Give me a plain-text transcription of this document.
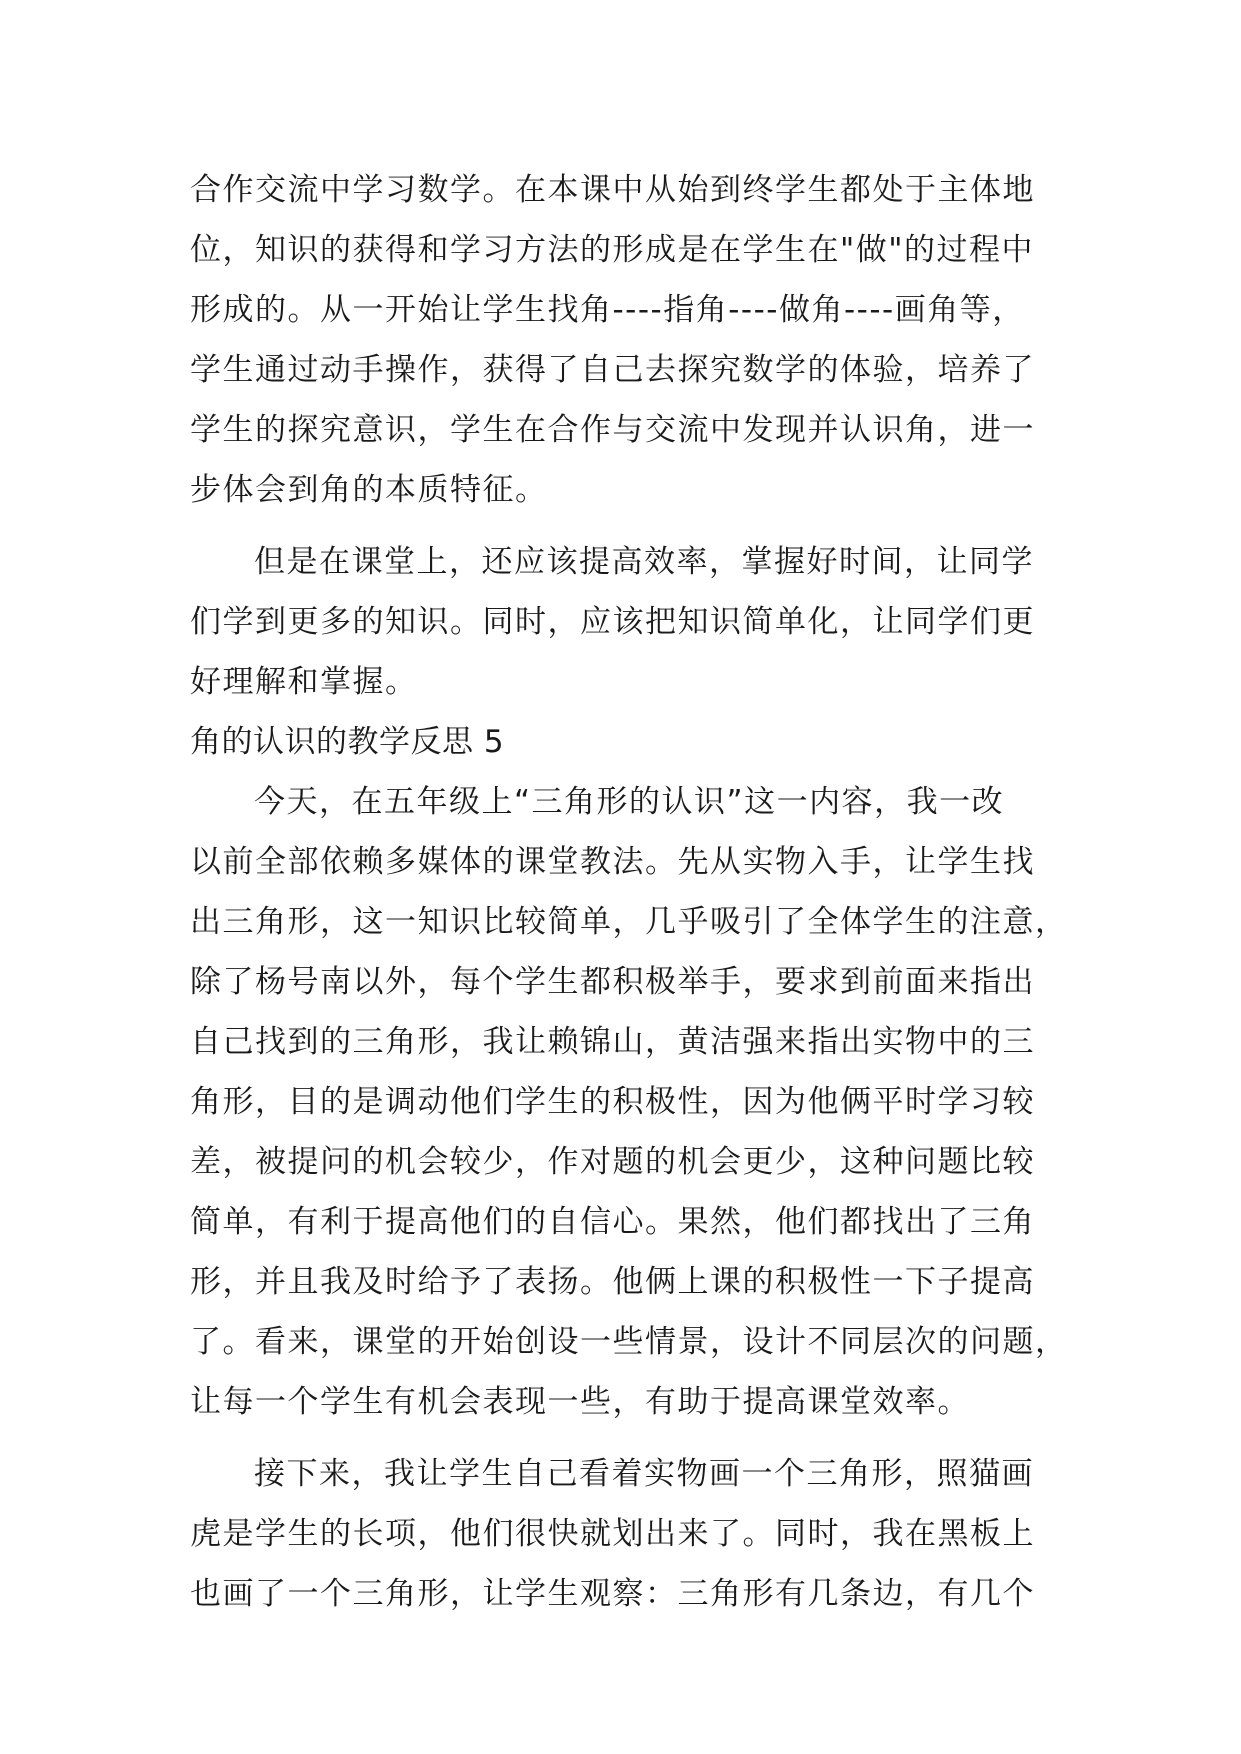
合作交流中学习数学。在本课中从始到终学生都处于主体地
位，知识的获得和学习方法的形成是在学生在"做"的过程中
形成的。从一开始让学生找角----指角----做角----画角等，
学生通过动手操作，获得了自己去探究数学的体验，培养了
学生的探究意识，学生在合作与交流中发现并认识角，进一
步体会到角的本质特征。
但是在课堂上，还应该提高效率，掌握好时间，让同学
们学到更多的知识。同时，应该把知识简单化，让同学们更
好理解和掌握。
角的认识的教学反思 5
今天，在五年级上“三角形的认识”这一内容，我一改
以前全部依赖多媒体的课堂教法。先从实物入手，让学生找
出三角形，这一知识比较简单，几乎吸引了全体学生的注意，
除了杨号南以外，每个学生都积极举手，要求到前面来指出
自己找到的三角形，我让赖锦山，黄洁强来指出实物中的三
角形，目的是调动他们学生的积极性，因为他俩平时学习较
差，被提问的机会较少，作对题的机会更少，这种问题比较
简单，有利于提高他们的自信心。果然，他们都找出了三角
形，并且我及时给予了表扬。他俩上课的积极性一下子提高
了。看来，课堂的开始创设一些情景，设计不同层次的问题，
让每一个学生有机会表现一些，有助于提高课堂效率。
接下来，我让学生自己看着实物画一个三角形，照猫画
虎是学生的长项，他们很快就划出来了。同时，我在黑板上
也画了一个三角形，让学生观察：三角形有几条边，有几个
